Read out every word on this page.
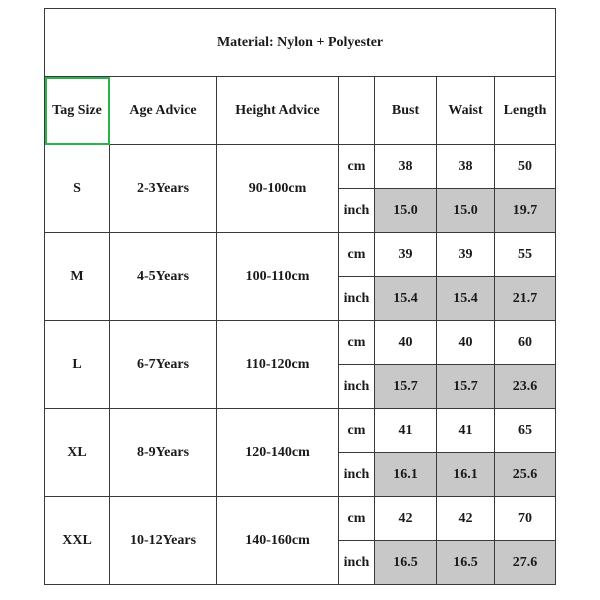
Material: Nylon + Polyester						
Tag Size	Age Advice	Height Advice		Bust	Waist	Length
S	2-3Years	90-100cm	cm	38	38	50
			inch	15.0	15.0	19.7
M	4-5Years	100-110cm	cm	39	39	55
			inch	15.4	15.4	21.7
L	6-7Years	110-120cm	cm	40	40	60
			inch	15.7	15.7	23.6
XL	8-9Years	120-140cm	cm	41	41	65
			inch	16.1	16.1	25.6
XXL	10-12Years	140-160cm	cm	42	42	70
			inch	16.5	16.5	27.6
